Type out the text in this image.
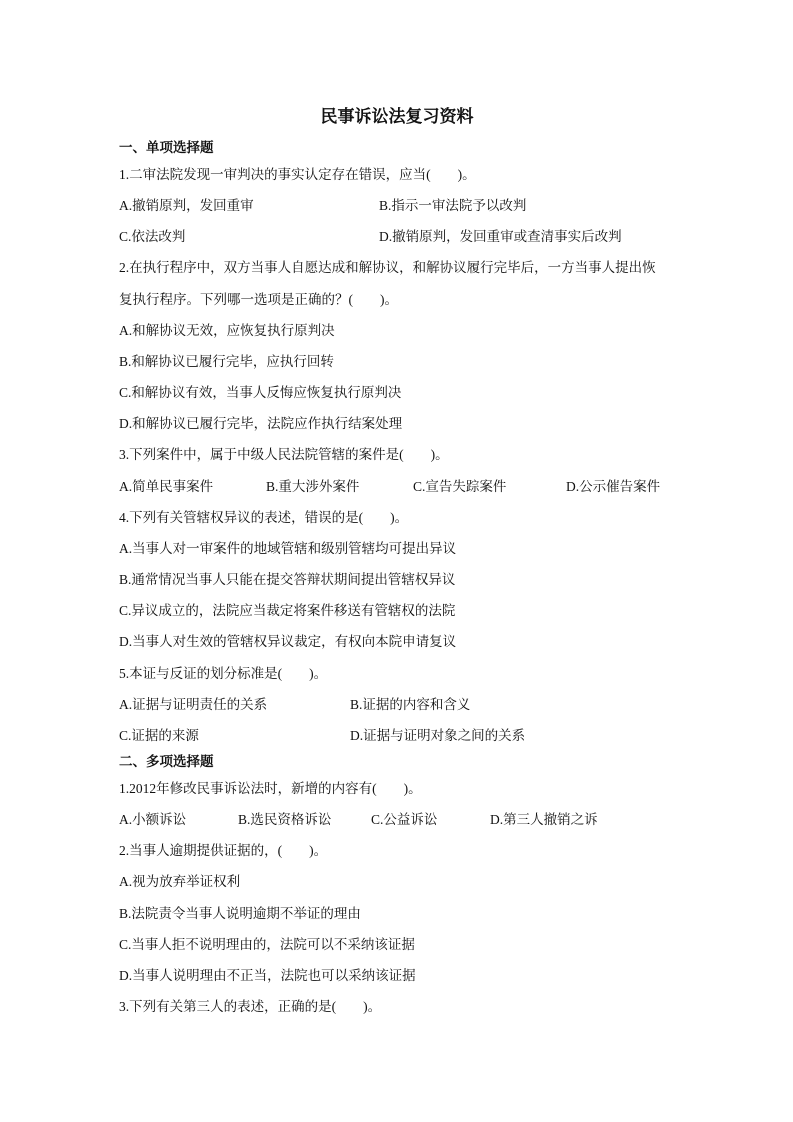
民事诉讼法复习资料
一、单项选择题
1.二审法院发现一审判决的事实认定存在错误，应当(　　)。
A.撤销原判，发回重审	B.指示一审法院予以改判
C.依法改判	D.撤销原判，发回重审或查清事实后改判
2.在执行程序中，双方当事人自愿达成和解协议，和解协议履行完毕后，一方当事人提出恢
复执行程序。下列哪一选项是正确的？(　　)。
A.和解协议无效，应恢复执行原判决
B.和解协议已履行完毕，应执行回转
C.和解协议有效，当事人反悔应恢复执行原判决
D.和解协议已履行完毕，法院应作执行结案处理
3.下列案件中，属于中级人民法院管辖的案件是(　　)。
A.简单民事案件	B.重大涉外案件	C.宣告失踪案件	D.公示催告案件
4.下列有关管辖权异议的表述，错误的是(　　)。
A.当事人对一审案件的地域管辖和级别管辖均可提出异议
B.通常情况当事人只能在提交答辩状期间提出管辖权异议
C.异议成立的，法院应当裁定将案件移送有管辖权的法院
D.当事人对生效的管辖权异议裁定，有权向本院申请复议
5.本证与反证的划分标准是(　　)。
A.证据与证明责任的关系	B.证据的内容和含义
C.证据的来源	D.证据与证明对象之间的关系
二、多项选择题
1.2012年修改民事诉讼法时，新增的内容有(　　)。
A.小额诉讼	B.选民资格诉讼	C.公益诉讼	D.第三人撤销之诉
2.当事人逾期提供证据的，(　　)。
A.视为放弃举证权利
B.法院责令当事人说明逾期不举证的理由
C.当事人拒不说明理由的，法院可以不采纳该证据
D.当事人说明理由不正当，法院也可以采纳该证据
3.下列有关第三人的表述，正确的是(　　)。
